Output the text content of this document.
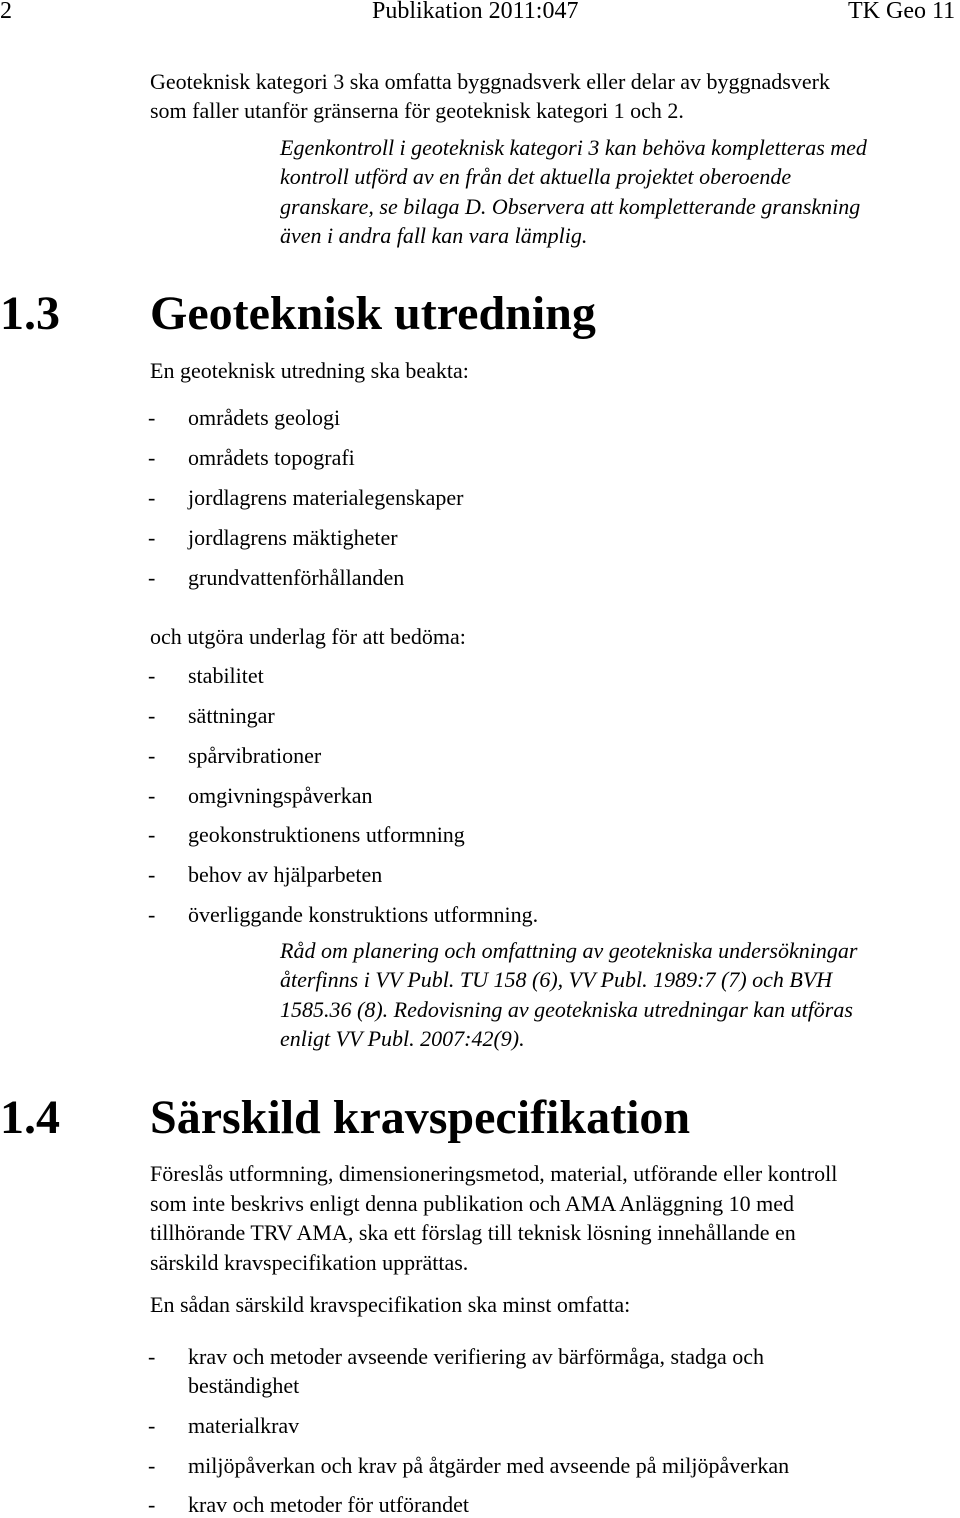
2	Publikation 2011:047	TK Geo 11
Geoteknisk kategori 3 ska omfatta byggnadsverk eller delar av byggnadsverk
som faller utanför gränserna för geoteknisk kategori 1 och 2.
Egenkontroll i geoteknisk kategori 3 kan behöva kompletteras med
kontroll utförd av en från det aktuella projektet oberoende
granskare, se bilaga D. Observera att kompletterande granskning
även i andra fall kan vara lämplig.
1.3 Geoteknisk utredning
En geoteknisk utredning ska beakta:
- områdets geologi
- områdets topografi
- jordlagrens materialegenskaper
- jordlagrens mäktigheter
- grundvattenförhållanden
och utgöra underlag för att bedöma:
- stabilitet
- sättningar
- spårvibrationer
- omgivningspåverkan
- geokonstruktionens utformning
- behov av hjälparbeten
- överliggande konstruktions utformning.
Råd om planering och omfattning av geotekniska undersökningar
återfinns i VV Publ. TU 158 (6), VV Publ. 1989:7 (7) och BVH
1585.36 (8). Redovisning av geotekniska utredningar kan utföras
enligt VV Publ. 2007:42(9).
1.4 Särskild kravspecifikation
Föreslås utformning, dimensioneringsmetod, material, utförande eller kontroll
som inte beskrivs enligt denna publikation och AMA Anläggning 10 med
tillhörande TRV AMA, ska ett förslag till teknisk lösning innehållande en
särskild kravspecifikation upprättas.
En sådan särskild kravspecifikation ska minst omfatta:
- krav och metoder avseende verifiering av bärförmåga, stadga och
beständighet
- materialkrav
- miljöpåverkan och krav på åtgärder med avseende på miljöpåverkan
- krav och metoder för utförandet
